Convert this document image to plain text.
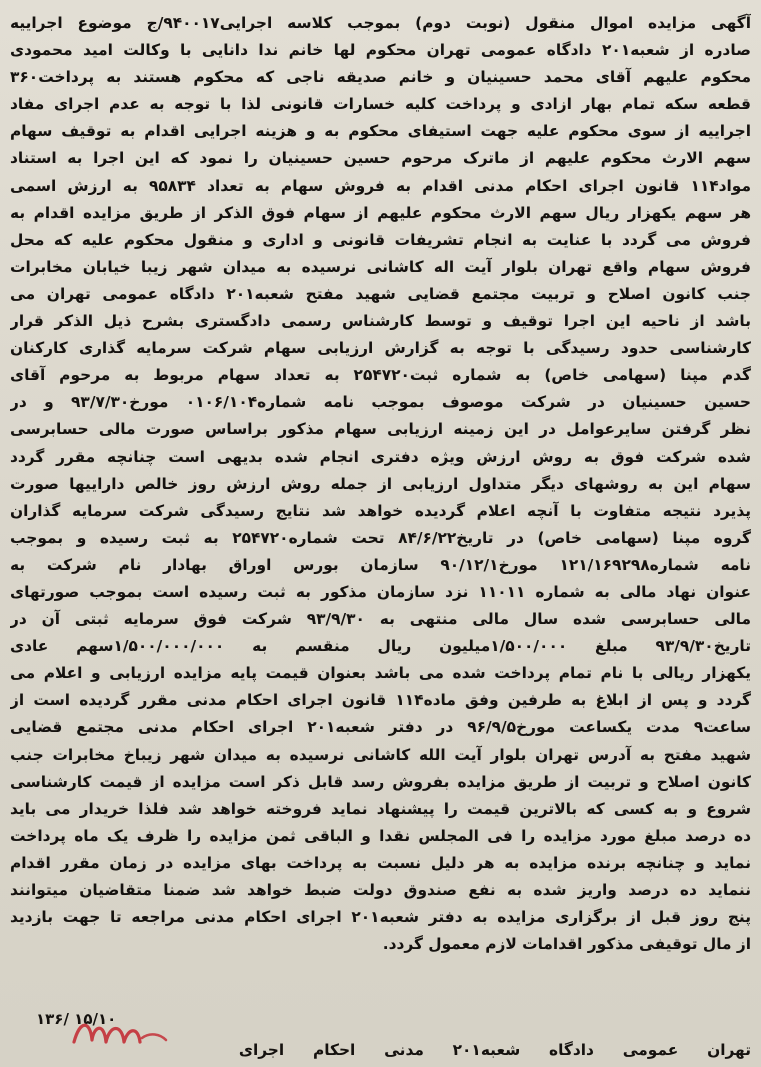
آگهی مزایده اموال منقول (نوبت دوم) بموجب کلاسه اجرایی۹۴۰۰۱۷/ج موضوع اجراییه
صادره از شعبه۲۰۱ دادگاه عمومی تهران محکوم لها خانم ندا دانایی با وکالت امید محمودی
محکوم علیهم آقای محمد حسینیان و خانم صدیقه ناجی که محکوم هستند به پرداخت۳۶۰
قطعه سکه تمام بهار ازادی و پرداخت کلیه خسارات قانونی لذا با توجه به عدم اجرای مفاد
اجراییه از سوی محکوم علیه جهت استیفای محکوم به و هزینه اجرایی اقدام به توقیف سهام
سهم الارث محکوم علیهم از ماترک مرحوم حسین حسینیان را نمود که این اجرا به استناد
مواد۱۱۴ قانون اجرای احکام مدنی اقدام به فروش سهام به تعداد ۹۵۸۳۴ به ارزش اسمی
هر سهم یکهزار ریال سهم الارث محکوم علیهم از سهام فوق الذکر از طریق مزایده اقدام به
فروش می گردد با عنایت به انجام تشریفات قانونی و اداری و منقول محکوم علیه که محل
فروش سهام واقع تهران بلوار آیت اله کاشانی نرسیده به میدان شهر زیبا خیابان مخابرات
جنب کانون اصلاح و تربیت مجتمع قضایی شهید مفتح شعبه۲۰۱ دادگاه عمومی تهران می
باشد از ناحیه این اجرا توقیف و توسط کارشناس رسمی دادگستری بشرح ذیل الذکر قرار
کارشناسی حدود رسیدگی با توجه به گزارش ارزیابی سهام شرکت سرمایه گذاری کارکنان
گدم مپنا (سهامی خاص) به شماره ثبت۲۵۴۷۲۰ به تعداد سهام مربوط به مرحوم آقای
حسین حسینیان در شرکت موصوف بموجب نامه شماره۰۱۰۶/۱۰۴ مورخ۹۳/۷/۳۰ و در
نظر گرفتن سایرعوامل در این زمینه ارزیابی سهام مذکور براساس صورت مالی حسابرسی
شده شرکت فوق به روش ارزش ویژه دفتری انجام شده بدیهی است چنانچه مقرر گردد
سهام این به روشهای دیگر متداول ارزیابی از جمله روش ارزش روز خالص داراییها صورت
پذیرد نتیجه متفاوت با آنچه اعلام گردیده خواهد شد نتایج رسیدگی شرکت سرمایه گذاران
گروه مپنا (سهامی خاص) در تاریخ۸۴/۶/۲۲ تحت شماره۲۵۴۷۲۰ به ثبت رسیده و بموجب
نامه شماره۱۲۱/۱۶۹۲۹۸ مورخ۹۰/۱۲/۱ سازمان بورس اوراق بهادار نام شرکت به
عنوان نهاد مالی به شماره ۱۱۰۱۱ نزد سازمان مذکور به ثبت رسیده است بموجب صورتهای
مالی حسابرسی شده سال مالی منتهی به ۹۳/۹/۳۰ شرکت فوق سرمایه ثبتی آن در
تاریخ۹۳/۹/۳۰ مبلغ ۱/۵۰۰/۰۰۰میلیون ریال منقسم به ۱/۵۰۰/۰۰۰/۰۰۰سهم عادی
یکهزار ریالی با نام تمام پرداخت شده می باشد بعنوان قیمت پایه مزایده ارزیابی و اعلام می
گردد و پس از ابلاغ به طرفین وفق ماده۱۱۴ قانون اجرای احکام مدنی مقرر گردیده است از
ساعت۹ مدت یکساعت مورخ۹۶/۹/۵ در دفتر شعبه۲۰۱ اجرای احکام مدنی مجتمع قضایی
شهید مفتح به آدرس تهران بلوار آیت الله کاشانی نرسیده به میدان شهر زیباخ مخابرات جنب
کانون اصلاح و تربیت از طریق مزایده بفروش رسد قابل ذکر است مزایده از قیمت کارشناسی
شروع و به کسی که بالاترین قیمت را پیشنهاد نماید فروخته خواهد شد فلذا خریدار می باید
ده درصد مبلغ مورد مزایده را فی المجلس نقدا و الباقی ثمن مزایده را ظرف یک ماه پرداخت
نماید و چنانچه برنده مزایده به هر دلیل نسبت به پرداخت بهای مزایده در زمان مقرر اقدام
ننماید ده درصد واریز شده به نفع صندوق دولت ضبط خواهد شد ضمنا متقاضیان میتوانند
پنج روز قبل از برگزاری مزایده به دفتر شعبه۲۰۱ اجرای احکام مدنی مراجعه تا جهت بازدید
از مال توقیفی مذکور اقدامات لازم معمول گردد.
۱۳۶/ ۱۵/۱۰
تهران
عمومی
دادگاه
شعبه۲۰۱
مدنی
احکام
اجرای
